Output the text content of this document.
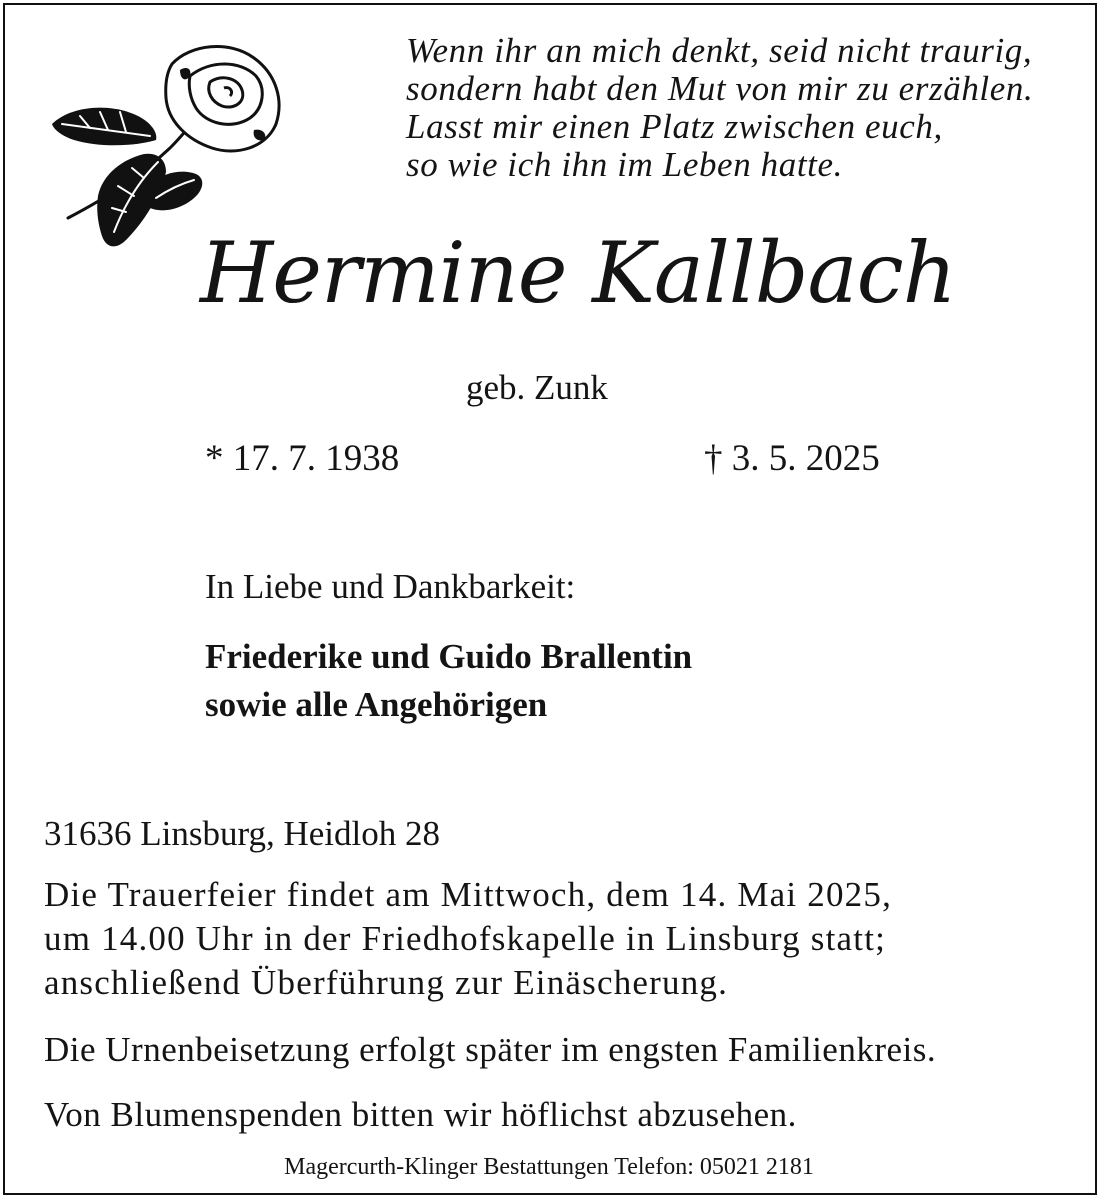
Wenn ihr an mich denkt, seid nicht traurig,
sondern habt den Mut von mir zu erzählen.
Lasst mir einen Platz zwischen euch,
so wie ich ihn im Leben hatte.
Hermine Kallbach
geb. Zunk
* 17. 7. 1938	† 3. 5. 2025
In Liebe und Dankbarkeit:
Friederike und Guido Brallentin
sowie alle Angehörigen
31636 Linsburg, Heidloh 28
Die Trauerfeier findet am Mittwoch, dem 14. Mai 2025,
um 14.00 Uhr in der Friedhofskapelle in Linsburg statt;
anschließend Überführung zur Einäscherung.
Die Urnenbeisetzung erfolgt später im engsten Familienkreis.
Von Blumenspenden bitten wir höflichst abzusehen.
Magercurth-Klinger Bestattungen Telefon: 05021 2181
